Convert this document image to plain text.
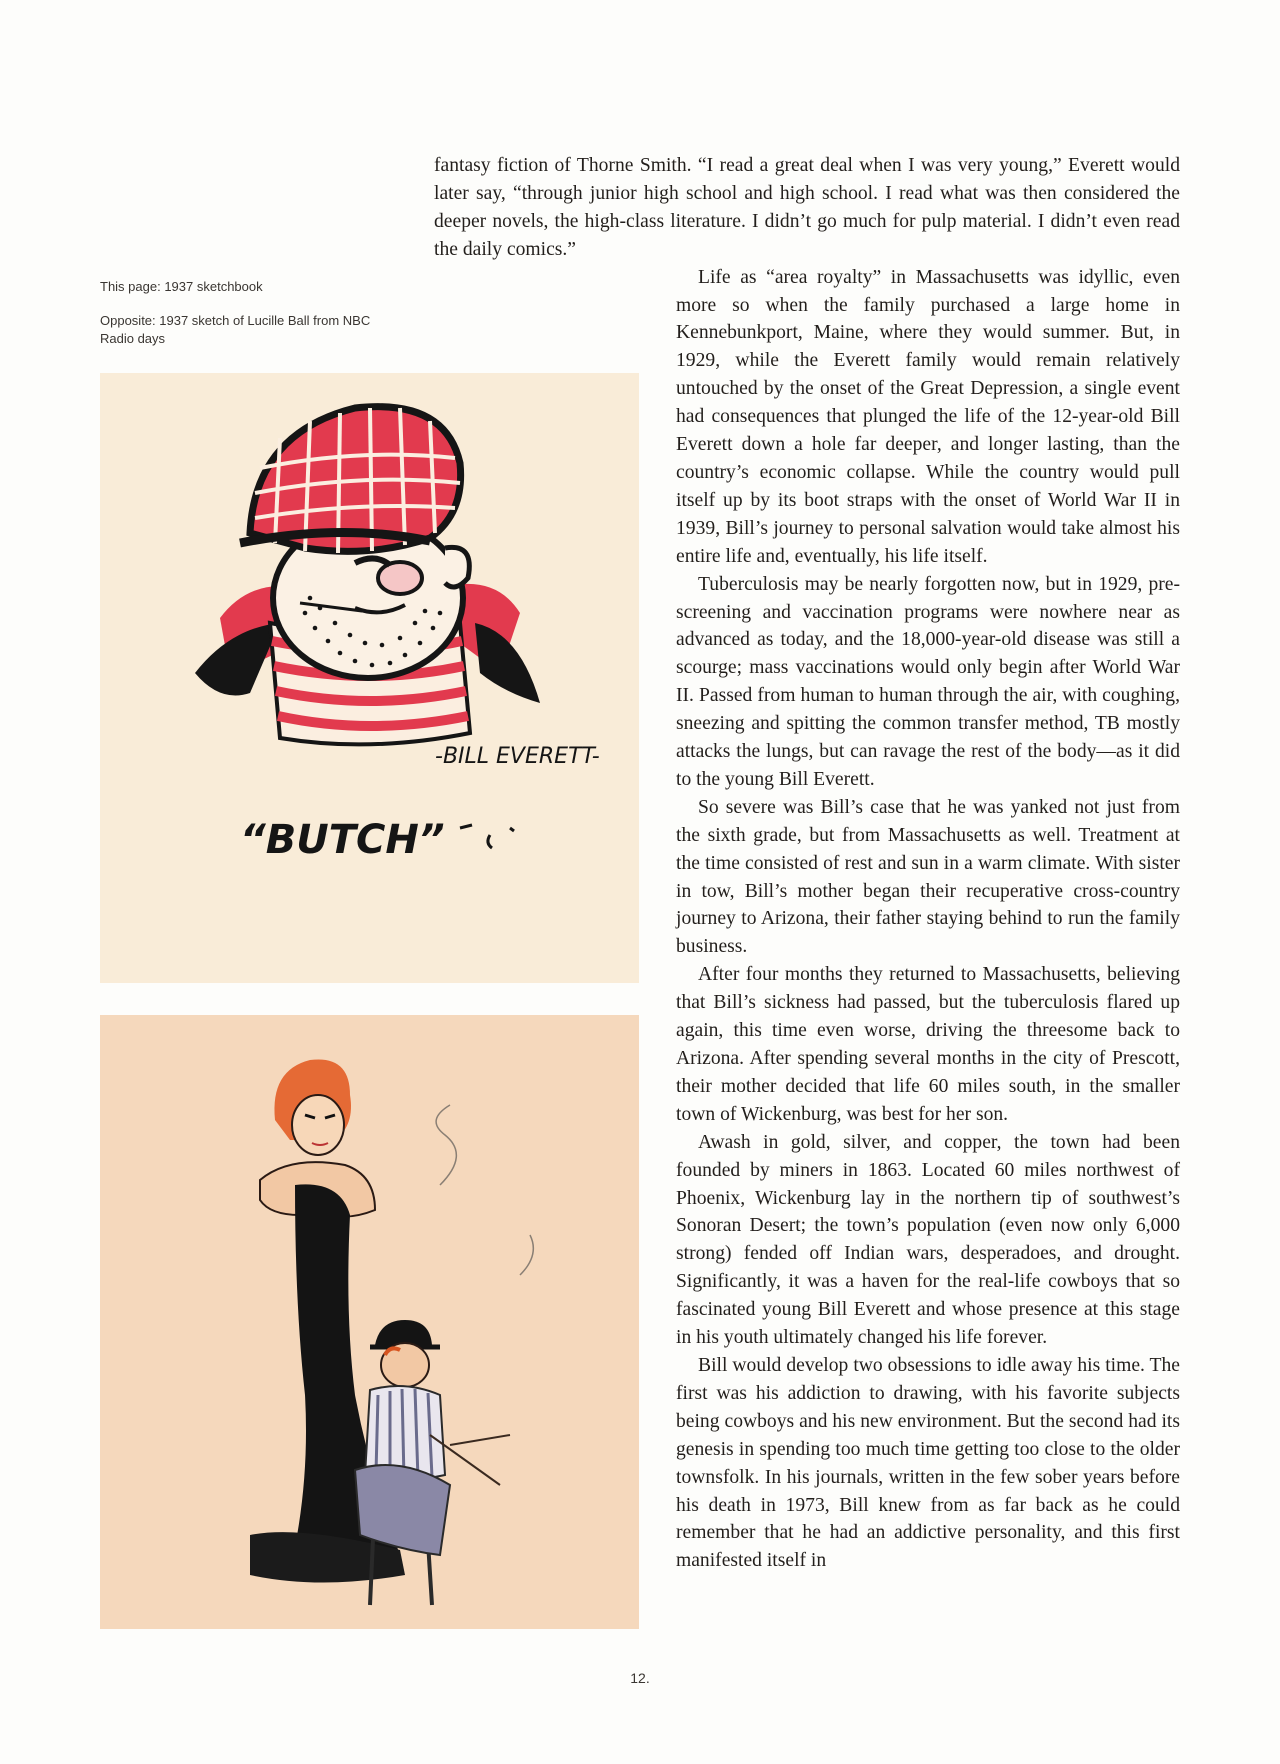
This page: 1937 sketchbook

Opposite: 1937 sketch of Lucille Ball from NBC Radio days

-BILL EVERETT-
“BUTCH”

fantasy fiction of Thorne Smith. “I read a great deal when I was very young,” Everett would later say, “through junior high school and high school. I read what was then considered the deeper novels, the high-class literature. I didn’t go much for pulp material. I didn’t even read the daily comics.”

Life as “area royalty” in Massachusetts was idyllic, even more so when the family purchased a large home in Kennebunkport, Maine, where they would summer. But, in 1929, while the Everett family would remain relatively untouched by the onset of the Great Depression, a single event had consequences that plunged the life of the 12-year-old Bill Everett down a hole far deeper, and longer lasting, than the country’s economic collapse. While the country would pull itself up by its boot straps with the onset of World War II in 1939, Bill’s journey to personal salvation would take almost his entire life and, eventually, his life itself.

Tuberculosis may be nearly forgotten now, but in 1929, pre-screening and vaccination programs were nowhere near as advanced as today, and the 18,000-year-old disease was still a scourge; mass vaccinations would only begin after World War II. Passed from human to human through the air, with coughing, sneezing and spitting the common transfer method, TB mostly attacks the lungs, but can ravage the rest of the body—as it did to the young Bill Everett.

So severe was Bill’s case that he was yanked not just from the sixth grade, but from Massachusetts as well. Treatment at the time consisted of rest and sun in a warm climate. With sister in tow, Bill’s mother began their recuperative cross-country journey to Arizona, their father staying behind to run the family business.

After four months they returned to Massachusetts, believing that Bill’s sickness had passed, but the tuberculosis flared up again, this time even worse, driving the threesome back to Arizona. After spending several months in the city of Prescott, their mother decided that life 60 miles south, in the smaller town of Wickenburg, was best for her son.

Awash in gold, silver, and copper, the town had been founded by miners in 1863. Located 60 miles northwest of Phoenix, Wickenburg lay in the northern tip of southwest’s Sonoran Desert; the town’s population (even now only 6,000 strong) fended off Indian wars, desperadoes, and drought. Significantly, it was a haven for the real-life cowboys that so fascinated young Bill Everett and whose presence at this stage in his youth ultimately changed his life forever.

Bill would develop two obsessions to idle away his time. The first was his addiction to drawing, with his favorite subjects being cowboys and his new environment. But the second had its genesis in spending too much time getting too close to the older townsfolk. In his journals, written in the few sober years before his death in 1973, Bill knew from as far back as he could remember that he had an addictive personality, and this first manifested itself in

12.
